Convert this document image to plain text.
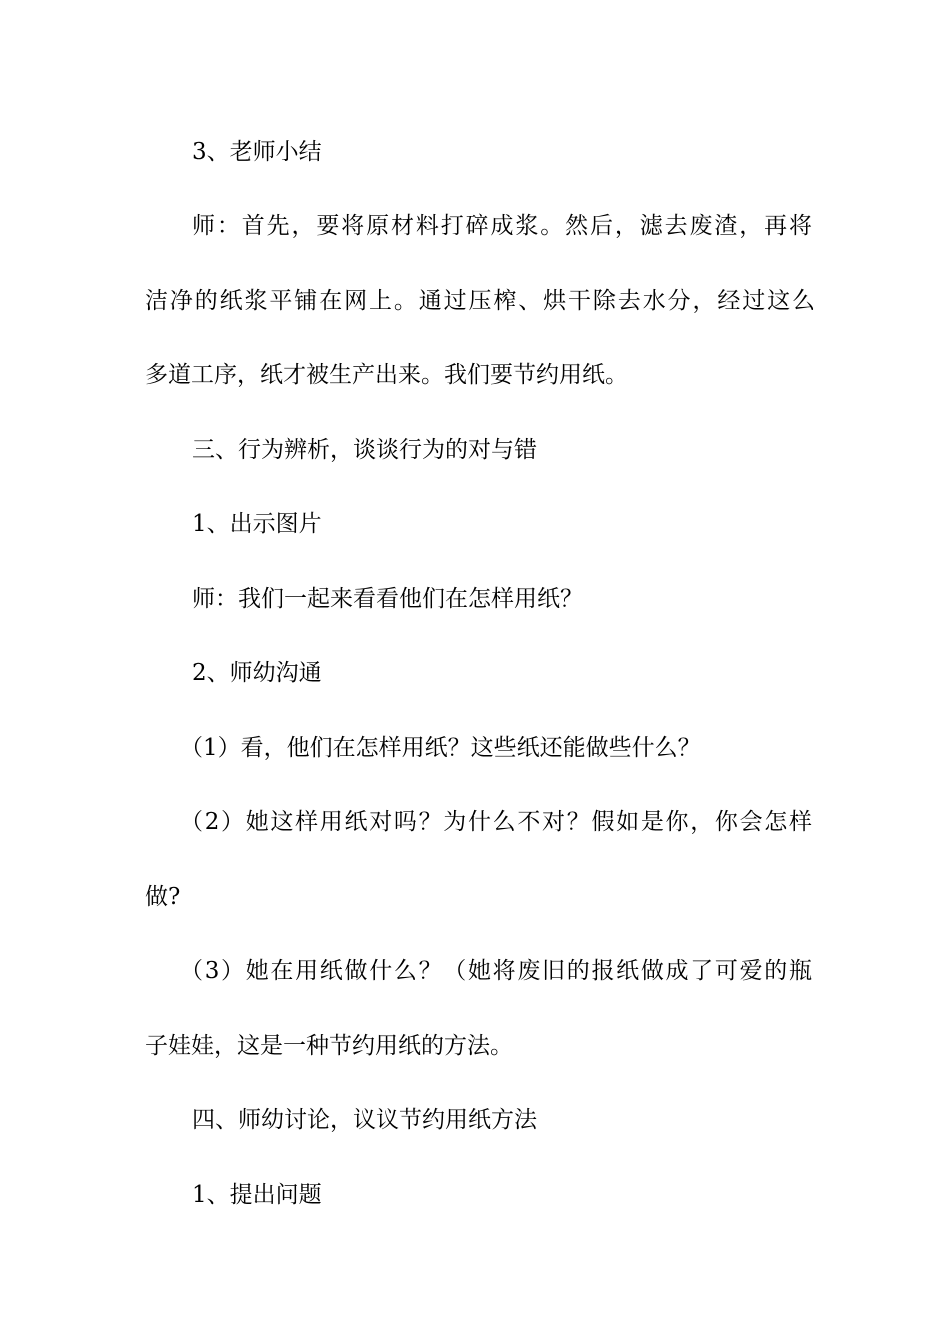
3、老师小结
师：首先，要将原材料打碎成浆。然后，滤去废渣，再将
洁净的纸浆平铺在网上。通过压榨、烘干除去水分，经过这么
多道工序，纸才被生产出来。我们要节约用纸。
三、行为辨析，谈谈行为的对与错
1、出示图片
师：我们一起来看看他们在怎样用纸？
2、师幼沟通
（1）看，他们在怎样用纸？这些纸还能做些什么？
（2）她这样用纸对吗？为什么不对？假如是你，你会怎样
做?
（3）她在用纸做什么？（她将废旧的报纸做成了可爱的瓶
子娃娃，这是一种节约用纸的方法。
四、师幼讨论，议议节约用纸方法
1、提出问题
